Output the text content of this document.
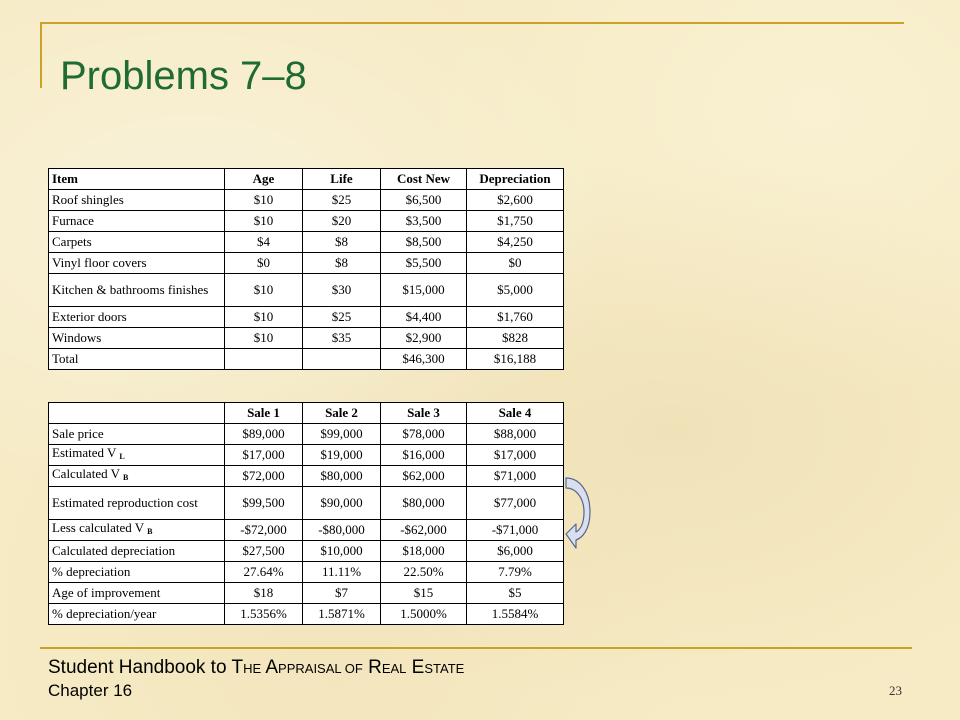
Problems 7–8
Item	Age	Life	Cost New	Depreciation
Roof shingles	$10	$25	$6,500	$2,600
Furnace	$10	$20	$3,500	$1,750
Carpets	$4	$8	$8,500	$4,250
Vinyl floor covers	$0	$8	$5,500	$0
Kitchen & bathrooms finishes	$10	$30	$15,000	$5,000
Exterior doors	$10	$25	$4,400	$1,760
Windows	$10	$35	$2,900	$828
Total			$46,300	$16,188
	Sale 1	Sale 2	Sale 3	Sale 4
Sale price	$89,000	$99,000	$78,000	$88,000
Estimated V $_L$	$17,000	$19,000	$16,000	$17,000
Calculated V $_B$	$72,000	$80,000	$62,000	$71,000
Estimated reproduction cost	$99,500	$90,000	$80,000	$77,000
Less calculated V $_B$	-$72,000	-$80,000	-$62,000	-$71,000
Calculated depreciation	$27,500	$10,000	$18,000	$6,000
% depreciation	27.64%	11.11%	22.50%	7.79%
Age of improvement	$18	$7	$15	$5
% depreciation/year	1.5356%	1.5871%	1.5000%	1.5584%
Student Handbook to THE APPRAISAL OF REAL ESTATE
Chapter 16	23
